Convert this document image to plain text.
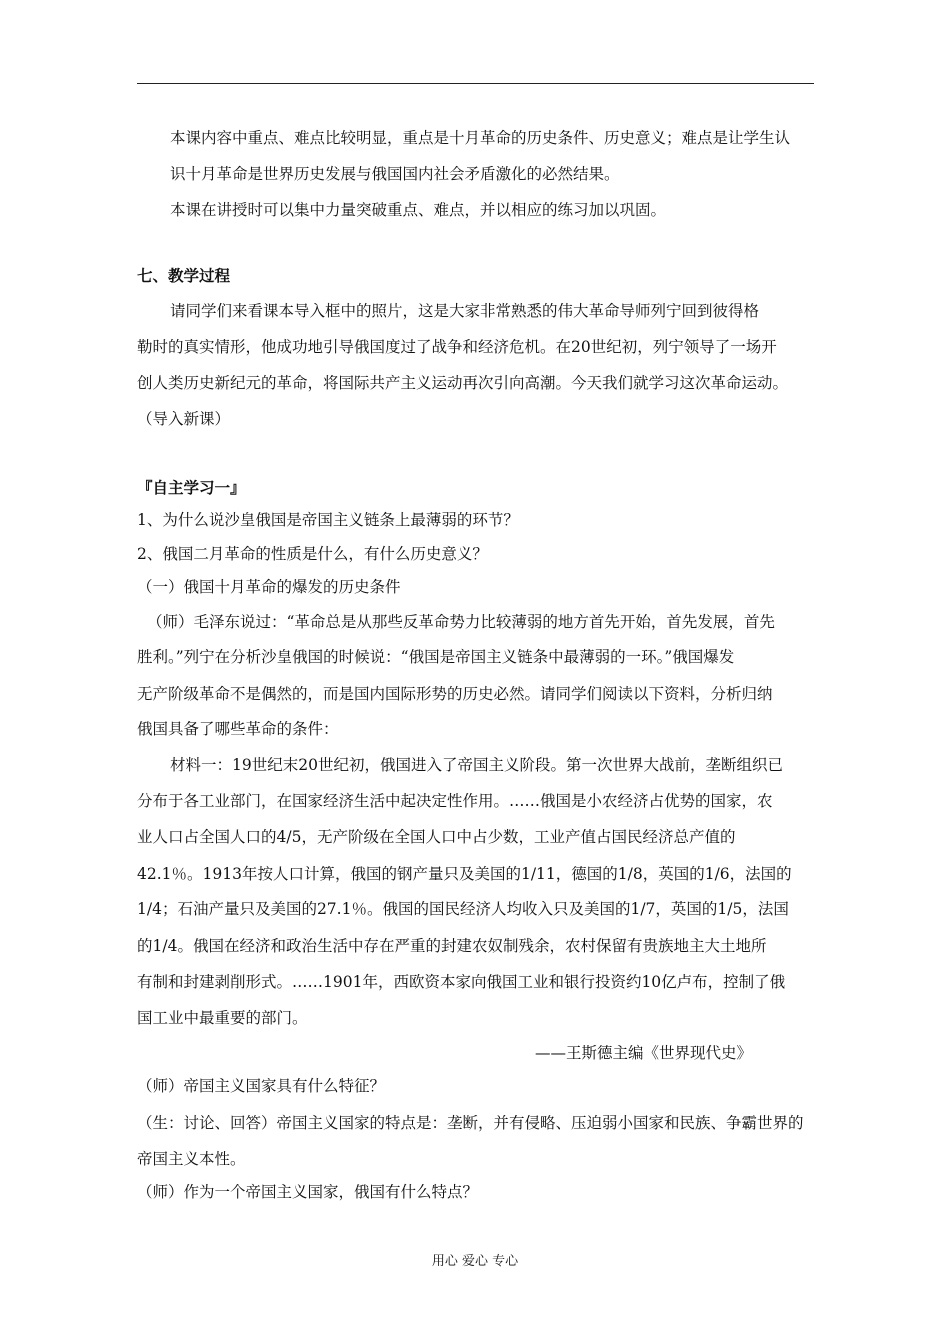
本课内容中重点、难点比较明显，重点是十月革命的历史条件、历史意义；难点是让学生认
识十月革命是世界历史发展与俄国国内社会矛盾激化的必然结果。
本课在讲授时可以集中力量突破重点、难点，并以相应的练习加以巩固。
七、教学过程
请同学们来看课本导入框中的照片，这是大家非常熟悉的伟大革命导师列宁回到彼得格
勒时的真实情形，他成功地引导俄国度过了战争和经济危机。在20世纪初，列宁领导了一场开
创人类历史新纪元的革命，将国际共产主义运动再次引向高潮。今天我们就学习这次革命运动。
（导入新课）
『自主学习一』
1、为什么说沙皇俄国是帝国主义链条上最薄弱的环节？
2、俄国二月革命的性质是什么，有什么历史意义？
（一）俄国十月革命的爆发的历史条件
（师）毛泽东说过：“革命总是从那些反革命势力比较薄弱的地方首先开始，首先发展，首先
胜利。”列宁在分析沙皇俄国的时候说：“俄国是帝国主义链条中最薄弱的一环。”俄国爆发
无产阶级革命不是偶然的，而是国内国际形势的历史必然。请同学们阅读以下资料，分析归纳
俄国具备了哪些革命的条件：
材料一：19世纪末20世纪初，俄国进入了帝国主义阶段。第一次世界大战前，垄断组织已
分布于各工业部门，在国家经济生活中起决定性作用。……俄国是小农经济占优势的国家，农
业人口占全国人口的4/5，无产阶级在全国人口中占少数，工业产值占国民经济总产值的
42.1％。1913年按人口计算，俄国的钢产量只及美国的1/11，德国的1/8，英国的1/6，法国的
1/4；石油产量只及美国的27.1％。俄国的国民经济人均收入只及美国的1/7，英国的1/5，法国
的1/4。俄国在经济和政治生活中存在严重的封建农奴制残余，农村保留有贵族地主大土地所
有制和封建剥削形式。……1901年，西欧资本家向俄国工业和银行投资约10亿卢布，控制了俄
国工业中最重要的部门。
——王斯德主编《世界现代史》
（师）帝国主义国家具有什么特征？
（生：讨论、回答）帝国主义国家的特点是：垄断，并有侵略、压迫弱小国家和民族、争霸世界的
帝国主义本性。
（师）作为一个帝国主义国家，俄国有什么特点？
用心 爱心 专心
